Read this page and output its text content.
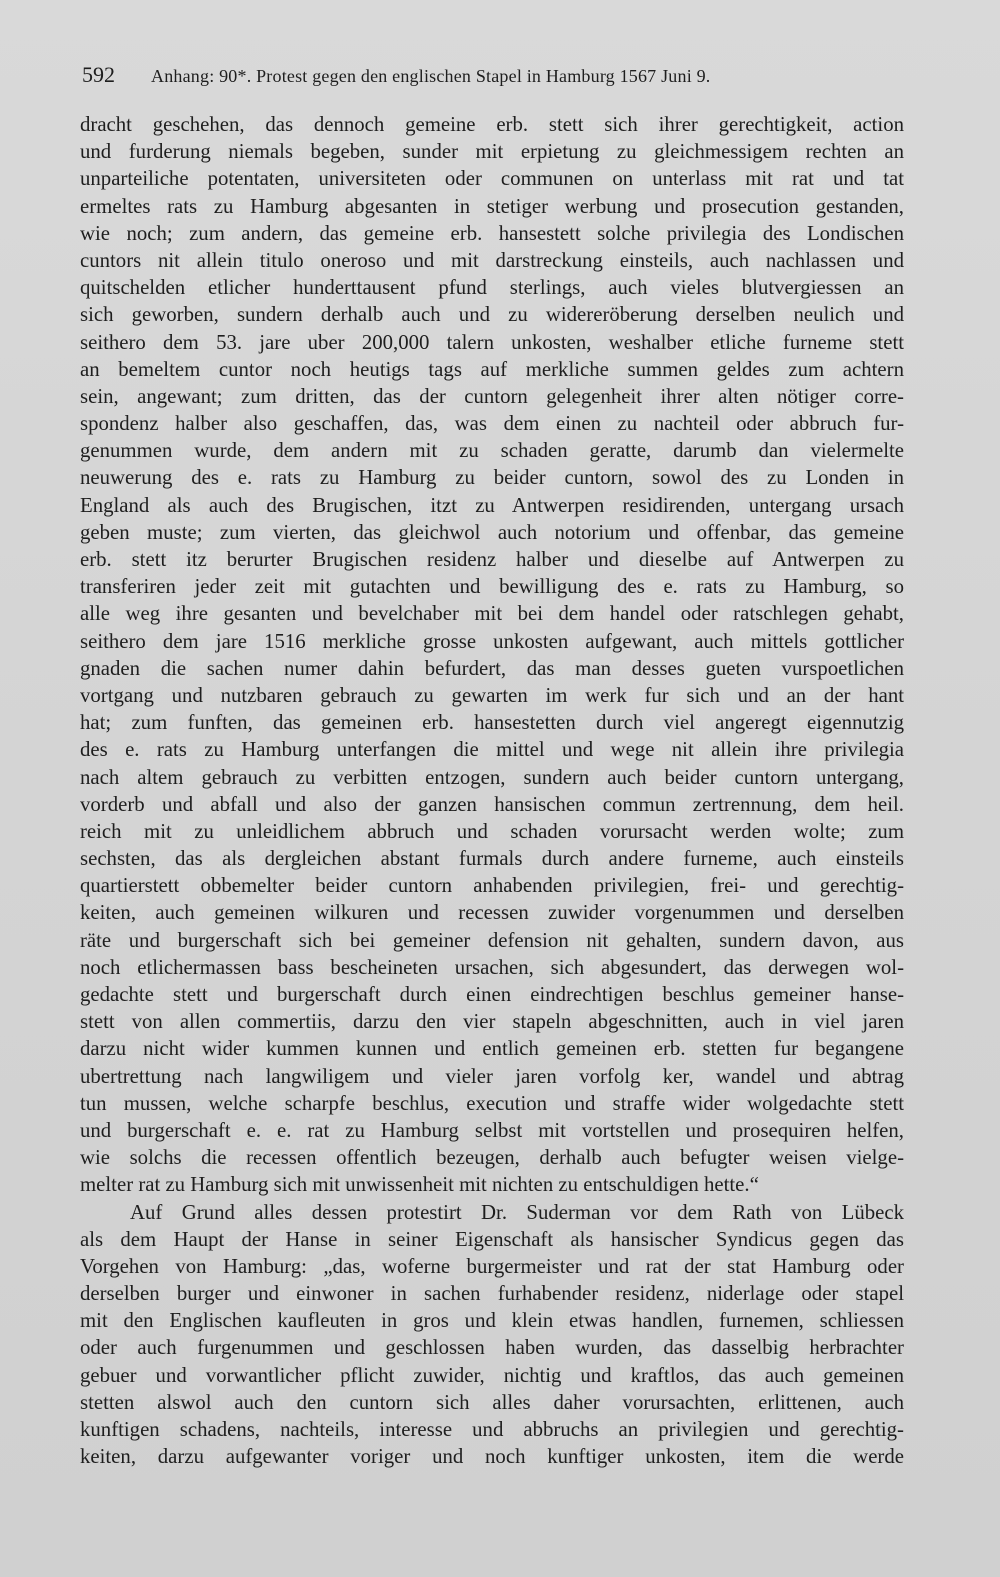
592 Anhang: 90*. Protest gegen den englischen Stapel in Hamburg 1567 Juni 9.
dracht geschehen, das dennoch gemeine erb. stett sich ihrer gerechtigkeit, action
und furderung niemals begeben, sunder mit erpietung zu gleichmessigem rechten an
unparteiliche potentaten, universiteten oder communen on unterlass mit rat und tat
ermeltes rats zu Hamburg abgesanten in stetiger werbung und prosecution gestanden,
wie noch; zum andern, das gemeine erb. hansestett solche privilegia des Londischen
cuntors nit allein titulo oneroso und mit darstreckung einsteils, auch nachlassen und
quitschelden etlicher hunderttausent pfund sterlings, auch vieles blutvergiessen an
sich geworben, sundern derhalb auch und zu widereröberung derselben neulich und
seithero dem 53. jare uber 200,000 talern unkosten, weshalber etliche furneme stett
an bemeltem cuntor noch heutigs tags auf merkliche summen geldes zum achtern
sein, angewant; zum dritten, das der cuntorn gelegenheit ihrer alten nötiger corre-
spondenz halber also geschaffen, das, was dem einen zu nachteil oder abbruch fur-
genummen wurde, dem andern mit zu schaden geratte, darumb dan vielermelte
neuwerung des e. rats zu Hamburg zu beider cuntorn, sowol des zu Londen in
England als auch des Brugischen, itzt zu Antwerpen residirenden, untergang ursach
geben muste; zum vierten, das gleichwol auch notorium und offenbar, das gemeine
erb. stett itz berurter Brugischen residenz halber und dieselbe auf Antwerpen zu
transferiren jeder zeit mit gutachten und bewilligung des e. rats zu Hamburg, so
alle weg ihre gesanten und bevelchaber mit bei dem handel oder ratschlegen gehabt,
seithero dem jare 1516 merkliche grosse unkosten aufgewant, auch mittels gottlicher
gnaden die sachen numer dahin befurdert, das man desses gueten vurspoetlichen
vortgang und nutzbaren gebrauch zu gewarten im werk fur sich und an der hant
hat; zum funften, das gemeinen erb. hansestetten durch viel angeregt eigennutzig
des e. rats zu Hamburg unterfangen die mittel und wege nit allein ihre privilegia
nach altem gebrauch zu verbitten entzogen, sundern auch beider cuntorn untergang,
vorderb und abfall und also der ganzen hansischen commun zertrennung, dem heil.
reich mit zu unleidlichem abbruch und schaden vorursacht werden wolte; zum
sechsten, das als dergleichen abstant furmals durch andere furneme, auch einsteils
quartierstett obbemelter beider cuntorn anhabenden privilegien, frei- und gerechtig-
keiten, auch gemeinen wilkuren und recessen zuwider vorgenummen und derselben
räte und burgerschaft sich bei gemeiner defension nit gehalten, sundern davon, aus
noch etlichermassen bass bescheineten ursachen, sich abgesundert, das derwegen wol-
gedachte stett und burgerschaft durch einen eindrechtigen beschlus gemeiner hanse-
stett von allen commertiis, darzu den vier stapeln abgeschnitten, auch in viel jaren
darzu nicht wider kummen kunnen und entlich gemeinen erb. stetten fur begangene
ubertrettung nach langwiligem und vieler jaren vorfolg ker, wandel und abtrag
tun mussen, welche scharpfe beschlus, execution und straffe wider wolgedachte stett
und burgerschaft e. e. rat zu Hamburg selbst mit vortstellen und prosequiren helfen,
wie solchs die recessen offentlich bezeugen, derhalb auch befugter weisen vielge-
melter rat zu Hamburg sich mit unwissenheit mit nichten zu entschuldigen hette.“
Auf Grund alles dessen protestirt Dr. Suderman vor dem Rath von Lübeck
als dem Haupt der Hanse in seiner Eigenschaft als hansischer Syndicus gegen das
Vorgehen von Hamburg: „das, woferne burgermeister und rat der stat Hamburg oder
derselben burger und einwoner in sachen furhabender residenz, niderlage oder stapel
mit den Englischen kaufleuten in gros und klein etwas handlen, furnemen, schliessen
oder auch furgenummen und geschlossen haben wurden, das dasselbig herbrachter
gebuer und vorwantlicher pflicht zuwider, nichtig und kraftlos, das auch gemeinen
stetten alswol auch den cuntorn sich alles daher vorursachten, erlittenen, auch
kunftigen schadens, nachteils, interesse und abbruchs an privilegien und gerechtig-
keiten, darzu aufgewanter voriger und noch kunftiger unkosten, item die werde
